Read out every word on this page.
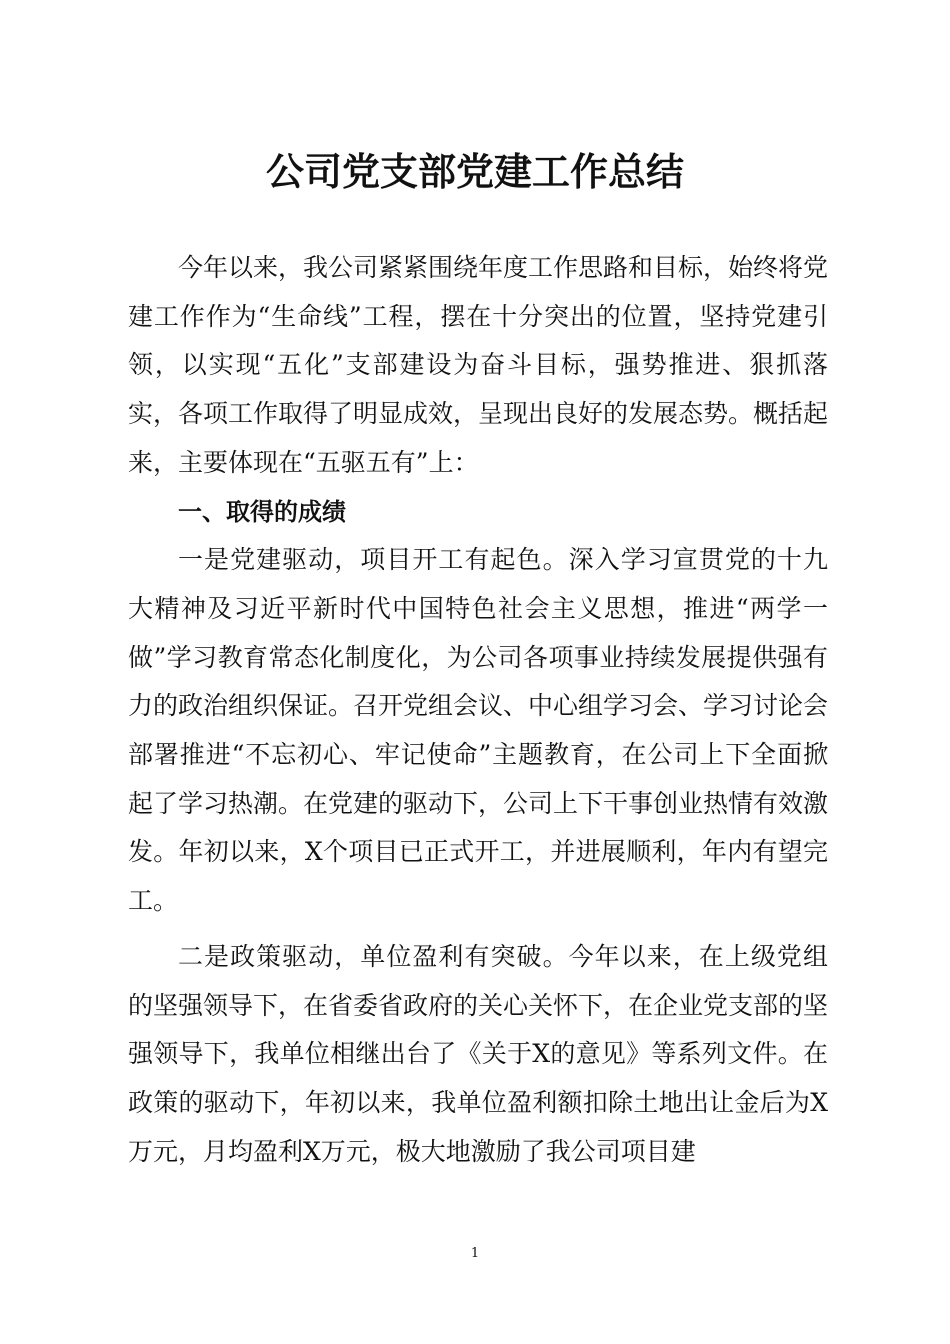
公司党支部党建工作总结

今年以来，我公司紧紧围绕年度工作思路和目标，始终将党建工作作为“生命线”工程，摆在十分突出的位置，坚持党建引领，以实现“五化”支部建设为奋斗目标，强势推进、狠抓落实，各项工作取得了明显成效，呈现出良好的发展态势。概括起来，主要体现在“五驱五有”上：

一、取得的成绩

一是党建驱动，项目开工有起色。深入学习宣贯党的十九大精神及习近平新时代中国特色社会主义思想，推进“两学一做”学习教育常态化制度化，为公司各项事业持续发展提供强有力的政治组织保证。召开党组会议、中心组学习会、学习讨论会部署推进“不忘初心、牢记使命”主题教育，在公司上下全面掀起了学习热潮。在党建的驱动下，公司上下干事创业热情有效激发。年初以来，X个项目已正式开工，并进展顺利，年内有望完工。

二是政策驱动，单位盈利有突破。今年以来，在上级党组的坚强领导下，在省委省政府的关心关怀下，在企业党支部的坚强领导下，我单位相继出台了《关于X的意见》等系列文件。在政策的驱动下，年初以来，我单位盈利额扣除土地出让金后为X万元，月均盈利X万元，极大地激励了我公司项目建

1
